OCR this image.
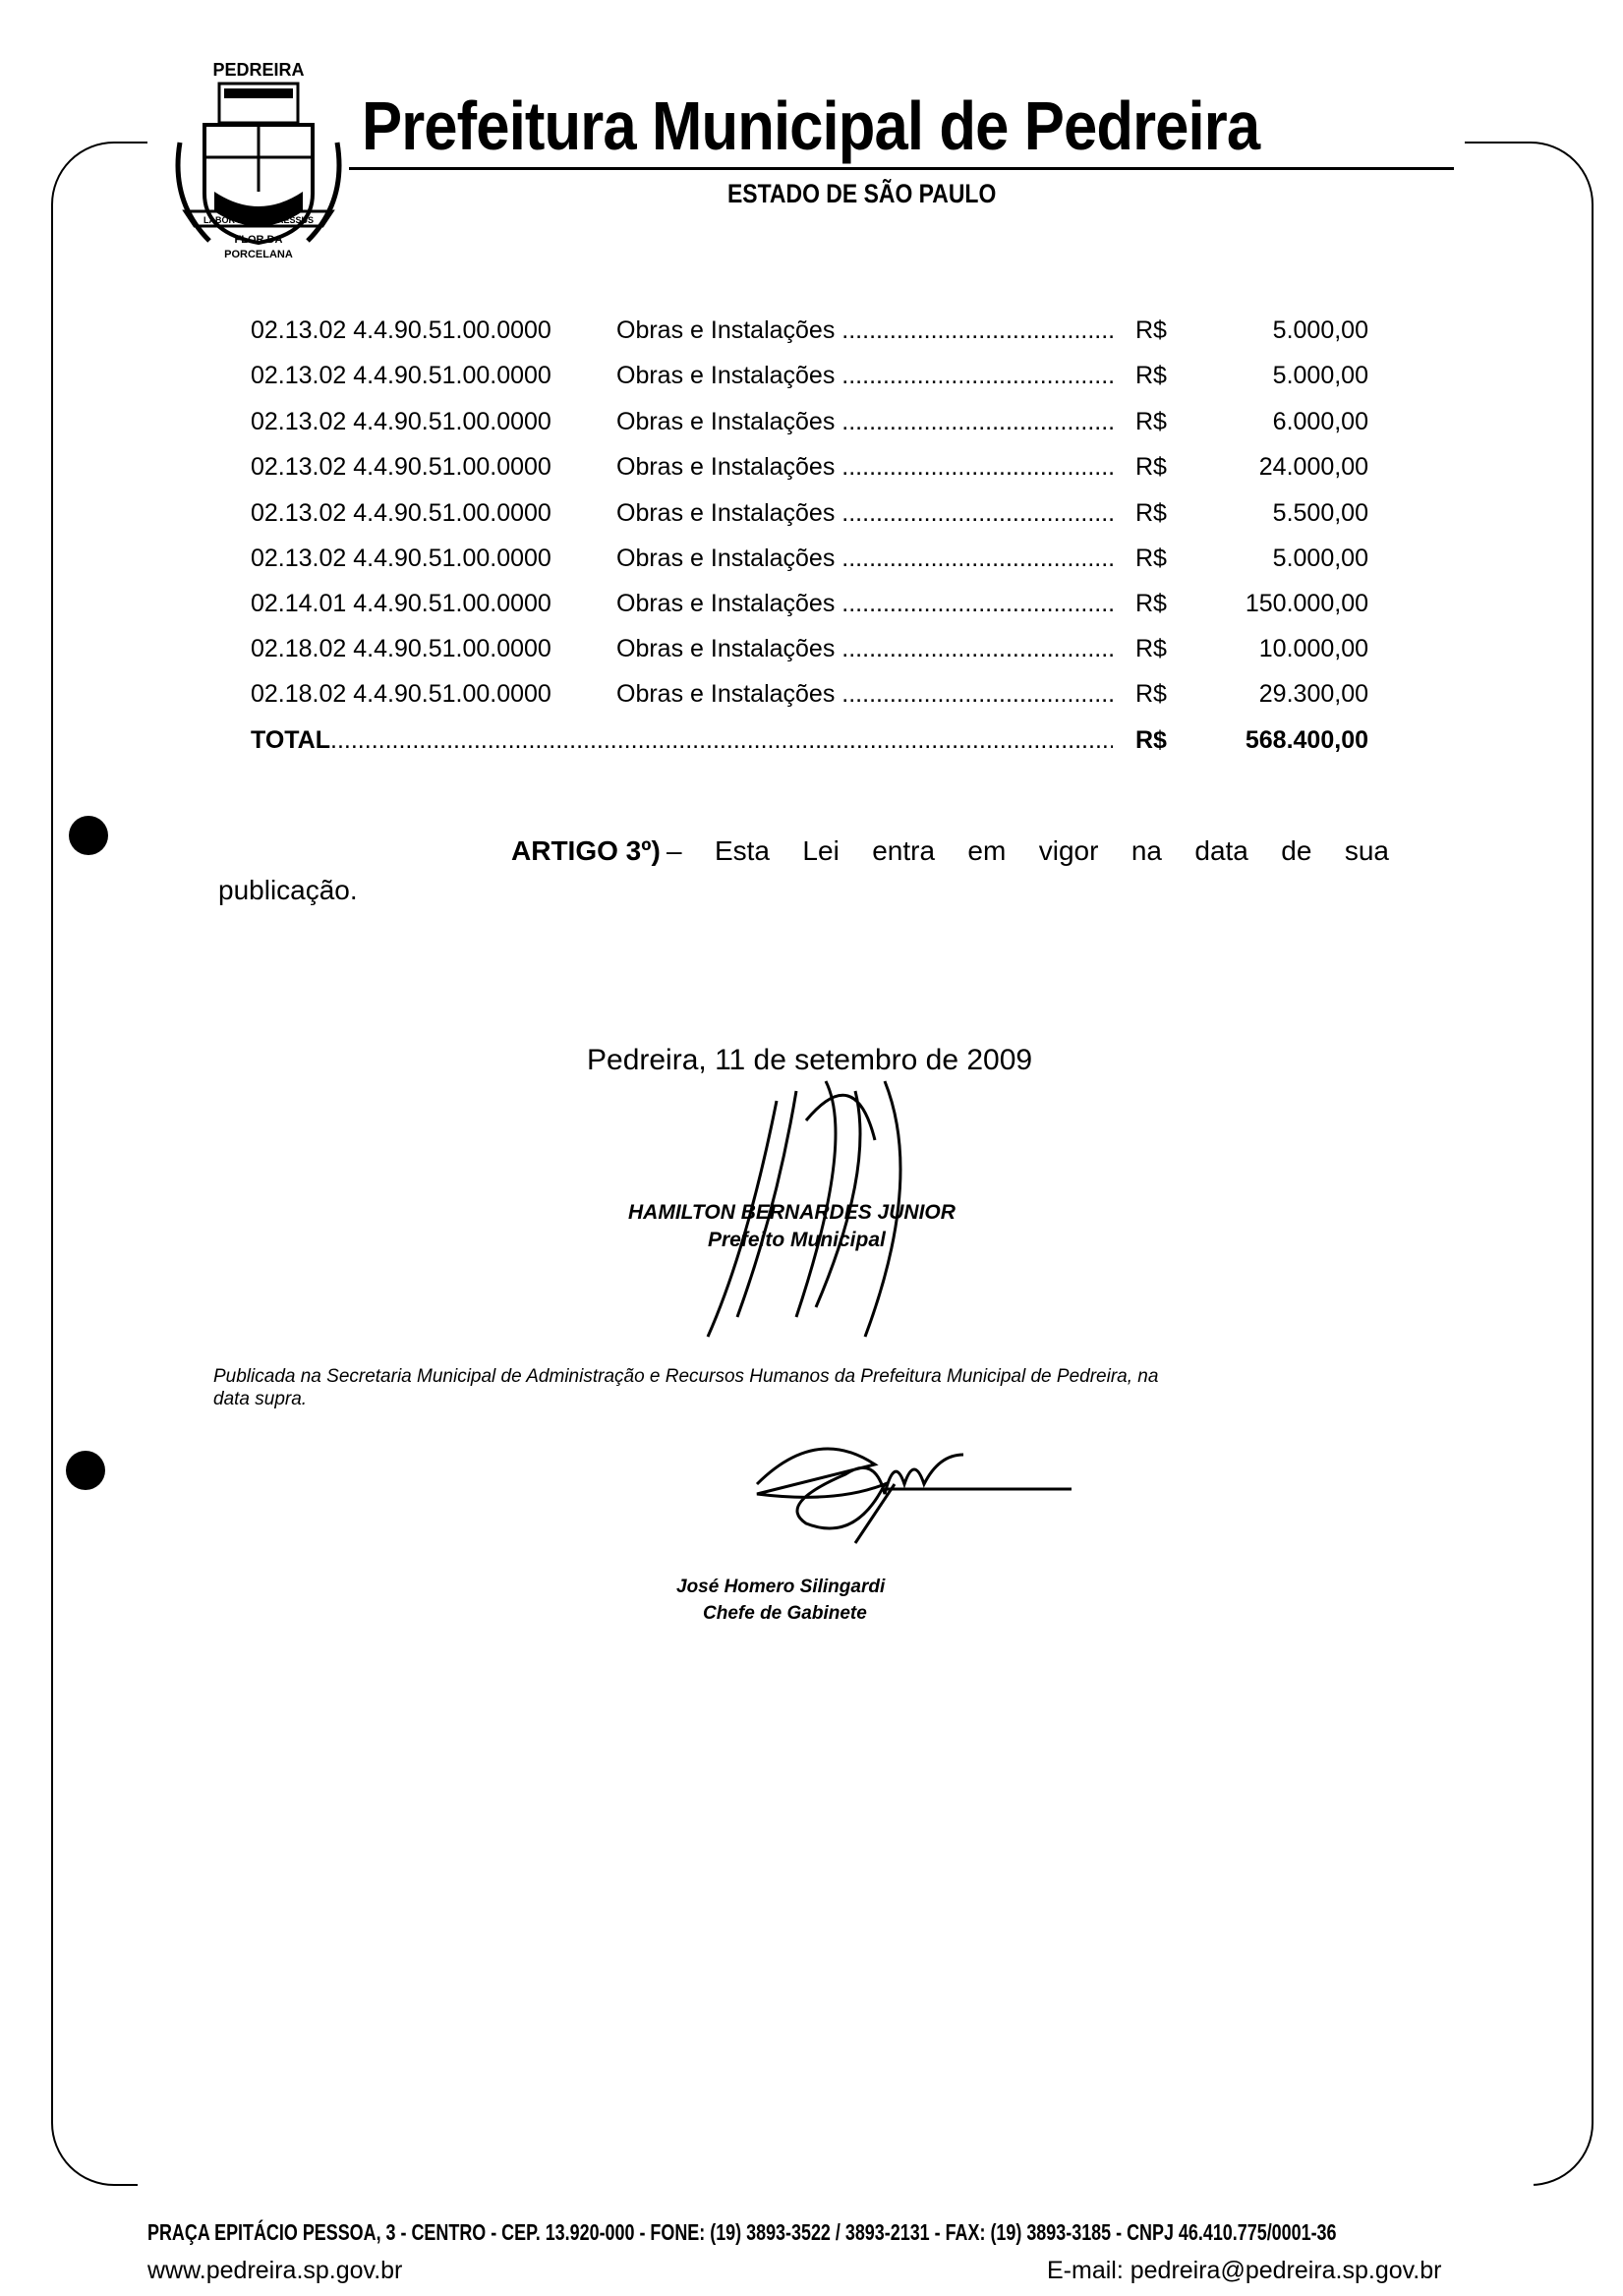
PEDREIRA
LABOR ET PROGRESSUS
FLOR DA
PORCELANA
Prefeitura Municipal de Pedreira
ESTADO DE SÃO PAULO
02.13.02 4.4.90.51.00.0000	Obras e Instalações .....	R$	5.000,00
02.13.02 4.4.90.51.00.0000	Obras e Instalações .....	R$	5.000,00
02.13.02 4.4.90.51.00.0000	Obras e Instalações .....	R$	6.000,00
02.13.02 4.4.90.51.00.0000	Obras e Instalações .....	R$	24.000,00
02.13.02 4.4.90.51.00.0000	Obras e Instalações .....	R$	5.500,00
02.13.02 4.4.90.51.00.0000	Obras e Instalações .....	R$	5.000,00
02.14.01 4.4.90.51.00.0000	Obras e Instalações .....	R$	150.000,00
02.18.02 4.4.90.51.00.0000	Obras e Instalações .....	R$	10.000,00
02.18.02 4.4.90.51.00.0000	Obras e Instalações .....	R$	29.300,00
TOTAL .....	R$	568.400,00
ARTIGO 3º) – Esta Lei entra em vigor na data de sua
publicação.
Pedreira, 11 de setembro de 2009
HAMILTON BERNARDES JUNIOR
Prefeito Municipal
Publicada na Secretaria Municipal de Administração e Recursos Humanos da Prefeitura Municipal de Pedreira, na
data supra.
José Homero Silingardi
Chefe de Gabinete
PRAÇA EPITÁCIO PESSOA, 3 - CENTRO - CEP. 13.920-000 - FONE: (19) 3893-3522 / 3893-2131 - FAX: (19) 3893-3185 - CNPJ 46.410.775/0001-36
www.pedreira.sp.gov.br	E-mail: pedreira@pedreira.sp.gov.br
